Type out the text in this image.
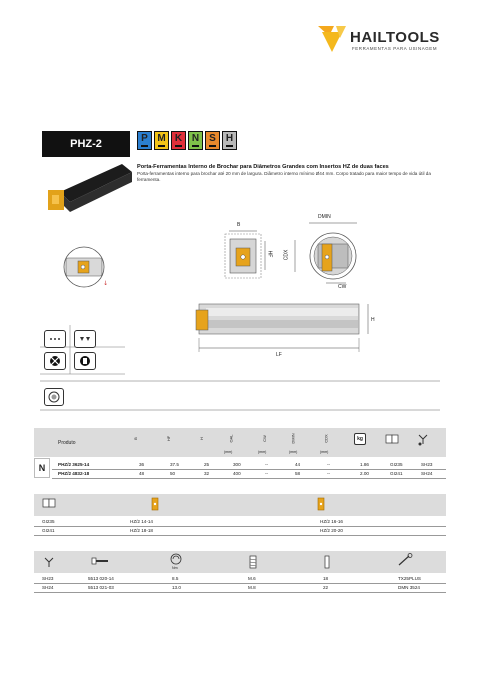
HAILTOOLS
FERRAMENTAS PARA USINAGEM
PHZ-2	P M K N	S	H
Porta-Ferramentas Interno de Brochar para Diâmetros Grandes com Insertos HZ de duas faces
Porta-ferramentas interno para brochar até 20 mm de largura. Diâmetro interno mínimo Ø44 mm. Corpo tratado para maior tempo de vida útil da ferramenta.
↓
B
HF
DMIN
CDX
CW
H
LF
Produto
B	HF	H	OAL	CW	DMIN	CDX
(mm)	(mm)	(mm)	(mm)
kg
N	PHZ/2 3625-14	36	37.5	25	300	--	44	--	1.86	GI235	SH23
PHZ/2 4832-18	48	50	32	400	--	58	--	2.00	GI241	SH24
GI235	HZ/2 14-14	HZ/2 16-16
GI241	HZ/2 18-18	HZ/2 20-20
Nm
SH23	5513 020-14	8.5	M.6	18	TX25PLUS
SH24	5513 021-03	13.0	M.8	22	DMN 3524
